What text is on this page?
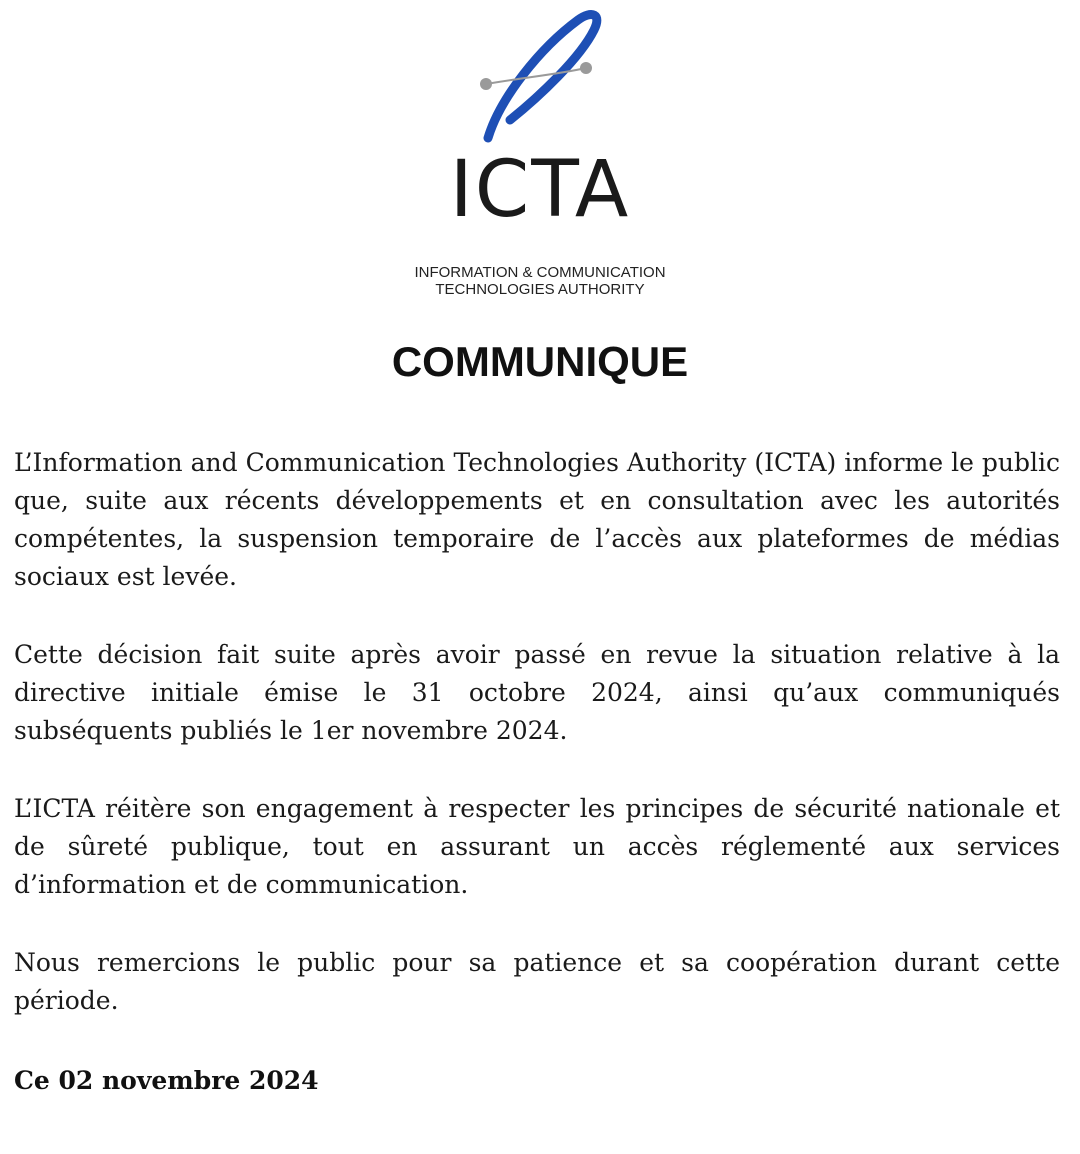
ICTA
INFORMATION & COMMUNICATION
TECHNOLOGIES AUTHORITY
COMMUNIQUE

L’Information and Communication Technologies Authority (ICTA) informe le public que, suite aux récents développements et en consultation avec les autorités compétentes, la suspension temporaire de l’accès aux plateformes de médias sociaux est levée.

Cette décision fait suite après avoir passé en revue la situation relative à la directive initiale émise le 31 octobre 2024, ainsi qu’aux communiqués subséquents publiés le 1er novembre 2024.

L’ICTA réitère son engagement à respecter les principes de sécurité nationale et de sûreté publique, tout en assurant un accès réglementé aux services d’information et de communication.

Nous remercions le public pour sa patience et sa coopération durant cette période.

Ce 02 novembre 2024
